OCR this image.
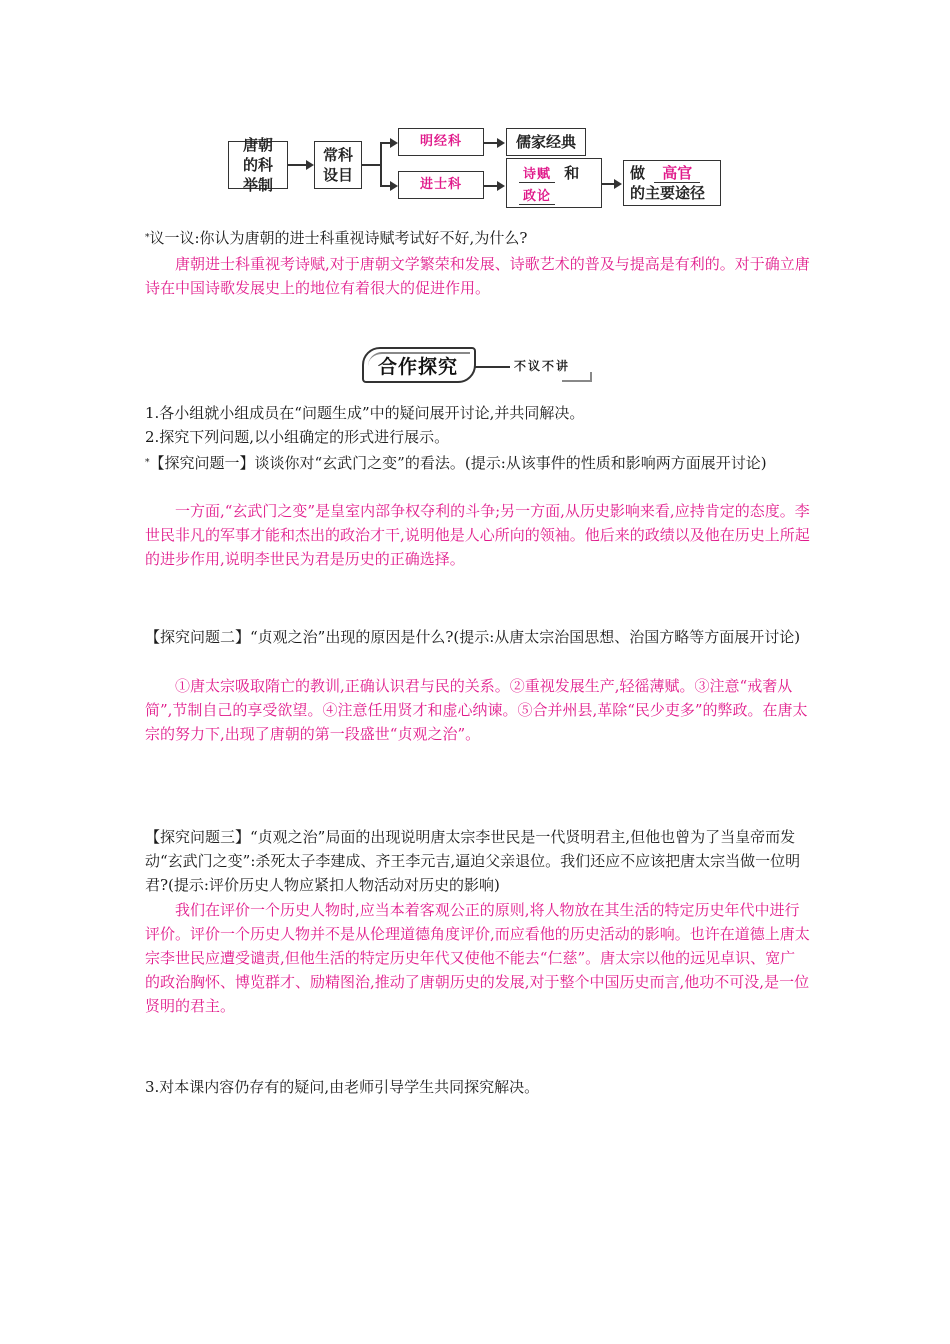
唐朝的科举制
常科设目
明经科	儒家经典
进士科
诗赋 和
政论
做 高官
的主要途径

*议一议:你认为唐朝的进士科重视诗赋考试好不好,为什么?

唐朝进士科重视考诗赋,对于唐朝文学繁荣和发展、诗歌艺术的普及与提高是有利的。对于确立唐诗在中国诗歌发展史上的地位有着很大的促进作用。

合作探究	不议不讲

1.各小组就小组成员在“问题生成”中的疑问展开讨论,并共同解决。

2.探究下列问题,以小组确定的形式进行展示。

*【探究问题一】谈谈你对“玄武门之变”的看法。(提示:从该事件的性质和影响两方面展开讨论)

一方面,“玄武门之变”是皇室内部争权夺利的斗争;另一方面,从历史影响来看,应持肯定的态度。李世民非凡的军事才能和杰出的政治才干,说明他是人心所向的领袖。他后来的政绩以及他在历史上所起的进步作用,说明李世民为君是历史的正确选择。

【探究问题二】“贞观之治”出现的原因是什么?(提示:从唐太宗治国思想、治国方略等方面展开讨论)

①唐太宗吸取隋亡的教训,正确认识君与民的关系。②重视发展生产,轻徭薄赋。③注意“戒奢从简”,节制自己的享受欲望。④注意任用贤才和虚心纳谏。⑤合并州县,革除“民少吏多”的弊政。在唐太宗的努力下,出现了唐朝的第一段盛世“贞观之治”。

【探究问题三】“贞观之治”局面的出现说明唐太宗李世民是一代贤明君主,但他也曾为了当皇帝而发动“玄武门之变”:杀死太子李建成、齐王李元吉,逼迫父亲退位。我们还应不应该把唐太宗当做一位明君?(提示:评价历史人物应紧扣人物活动对历史的影响)

我们在评价一个历史人物时,应当本着客观公正的原则,将人物放在其生活的特定历史年代中进行评价。评价一个历史人物并不是从伦理道德角度评价,而应看他的历史活动的影响。也许在道德上唐太宗李世民应遭受谴责,但他生活的特定历史年代又使他不能去“仁慈”。唐太宗以他的远见卓识、宽广的政治胸怀、博览群才、励精图治,推动了唐朝历史的发展,对于整个中国历史而言,他功不可没,是一位贤明的君主。

3.对本课内容仍存有的疑问,由老师引导学生共同探究解决。
